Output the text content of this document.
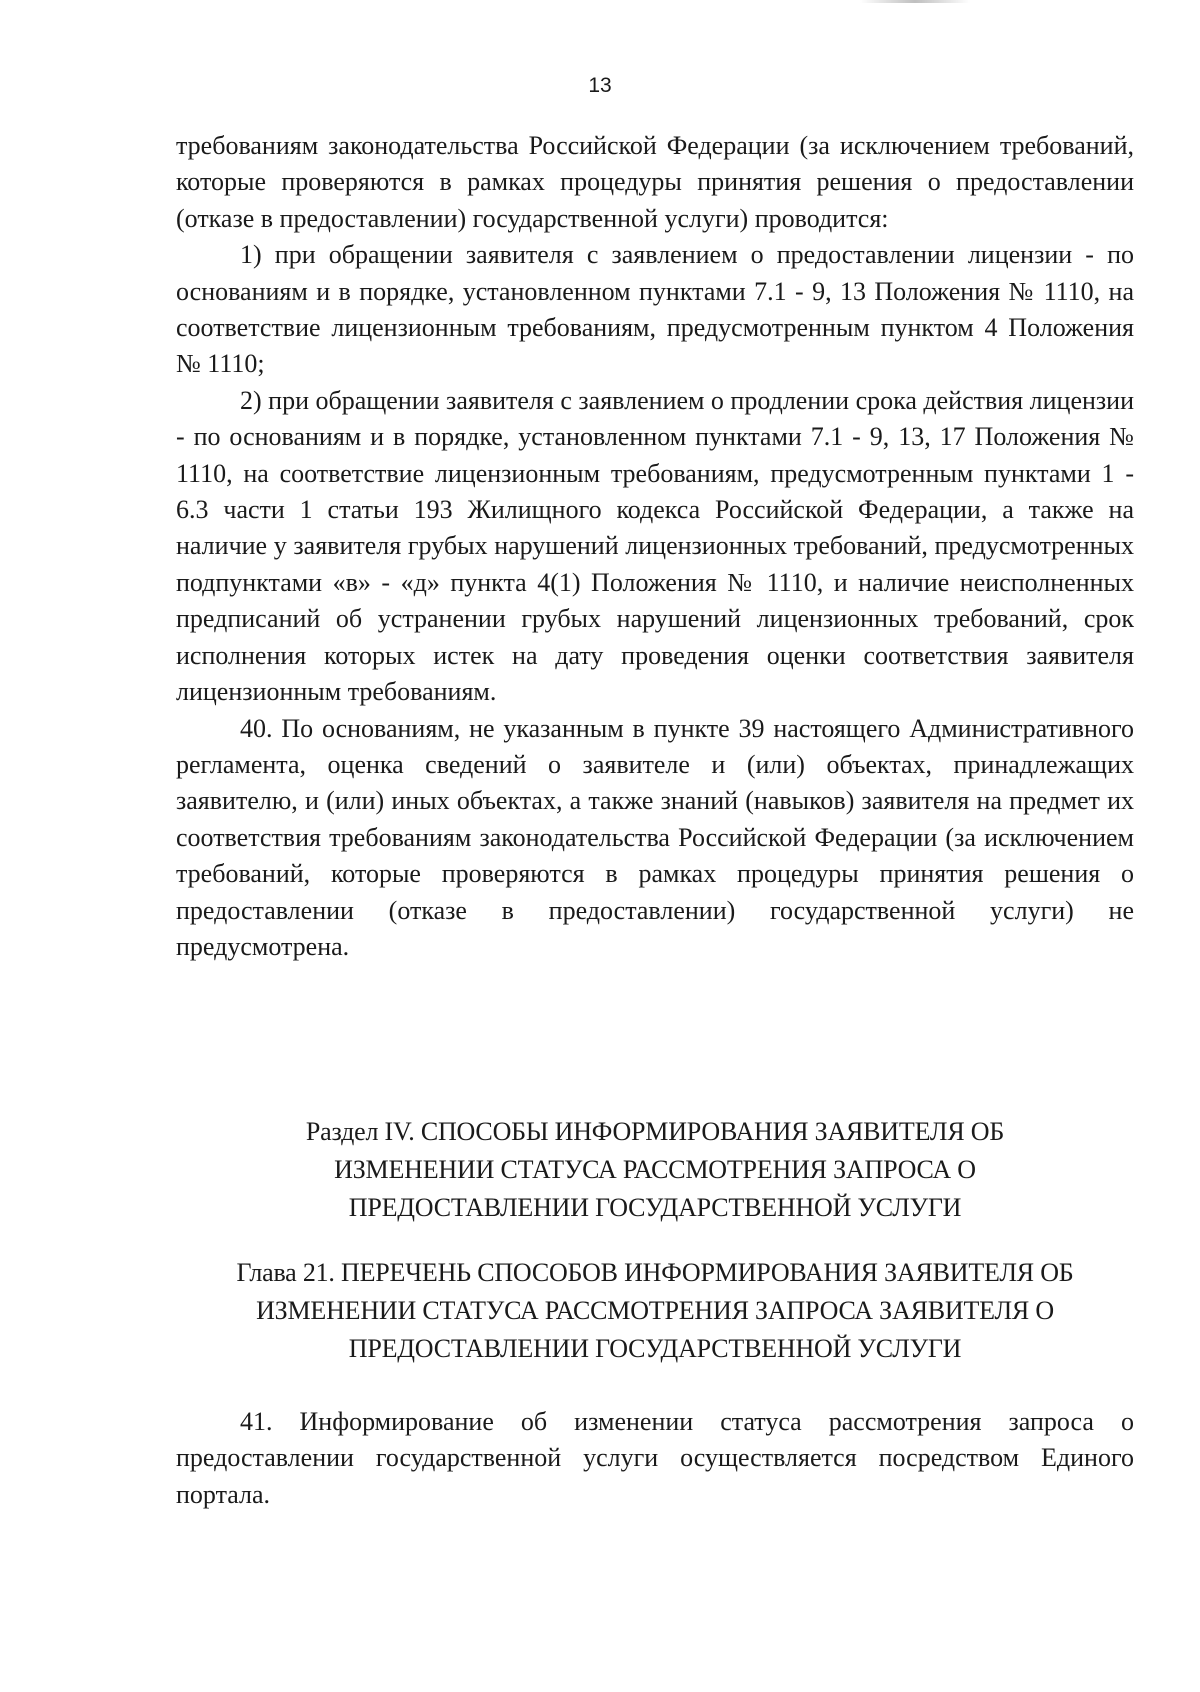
13

требованиям законодательства Российской Федерации (за исключением требований, которые проверяются в рамках процедуры принятия решения о предоставлении (отказе в предоставлении) государственной услуги) проводится:

1) при обращении заявителя с заявлением о предоставлении лицензии - по основаниям и в порядке, установленном пунктами 7.1 - 9, 13 Положения № 1110, на соответствие лицензионным требованиям, предусмотренным пунктом 4 Положения № 1110;

2) при обращении заявителя с заявлением о продлении срока действия лицензии - по основаниям и в порядке, установленном пунктами 7.1 - 9, 13, 17 Положения № 1110, на соответствие лицензионным требованиям, предусмотренным пунктами 1 - 6.3 части 1 статьи 193 Жилищного кодекса Российской Федерации, а также на наличие у заявителя грубых нарушений лицензионных требований, предусмотренных подпунктами «в» - «д» пункта 4(1) Положения № 1110, и наличие неисполненных предписаний об устранении грубых нарушений лицензионных требований, срок исполнения которых истек на дату проведения оценки соответствия заявителя лицензионным требованиям.

40. По основаниям, не указанным в пункте 39 настоящего Административного регламента, оценка сведений о заявителе и (или) объектах, принадлежащих заявителю, и (или) иных объектах, а также знаний (навыков) заявителя на предмет их соответствия требованиям законодательства Российской Федерации (за исключением требований, которые проверяются в рамках процедуры принятия решения о предоставлении (отказе в предоставлении) государственной услуги) не предусмотрена.

Раздел IV. СПОСОБЫ ИНФОРМИРОВАНИЯ ЗАЯВИТЕЛЯ ОБ

ИЗМЕНЕНИИ СТАТУСА РАССМОТРЕНИЯ ЗАПРОСА О

ПРЕДОСТАВЛЕНИИ ГОСУДАРСТВЕННОЙ УСЛУГИ

Глава 21. ПЕРЕЧЕНЬ СПОСОБОВ ИНФОРМИРОВАНИЯ ЗАЯВИТЕЛЯ ОБ

ИЗМЕНЕНИИ СТАТУСА РАССМОТРЕНИЯ ЗАПРОСА ЗАЯВИТЕЛЯ О

ПРЕДОСТАВЛЕНИИ ГОСУДАРСТВЕННОЙ УСЛУГИ

41. Информирование об изменении статуса рассмотрения запроса о предоставлении государственной услуги осуществляется посредством Единого портала.
